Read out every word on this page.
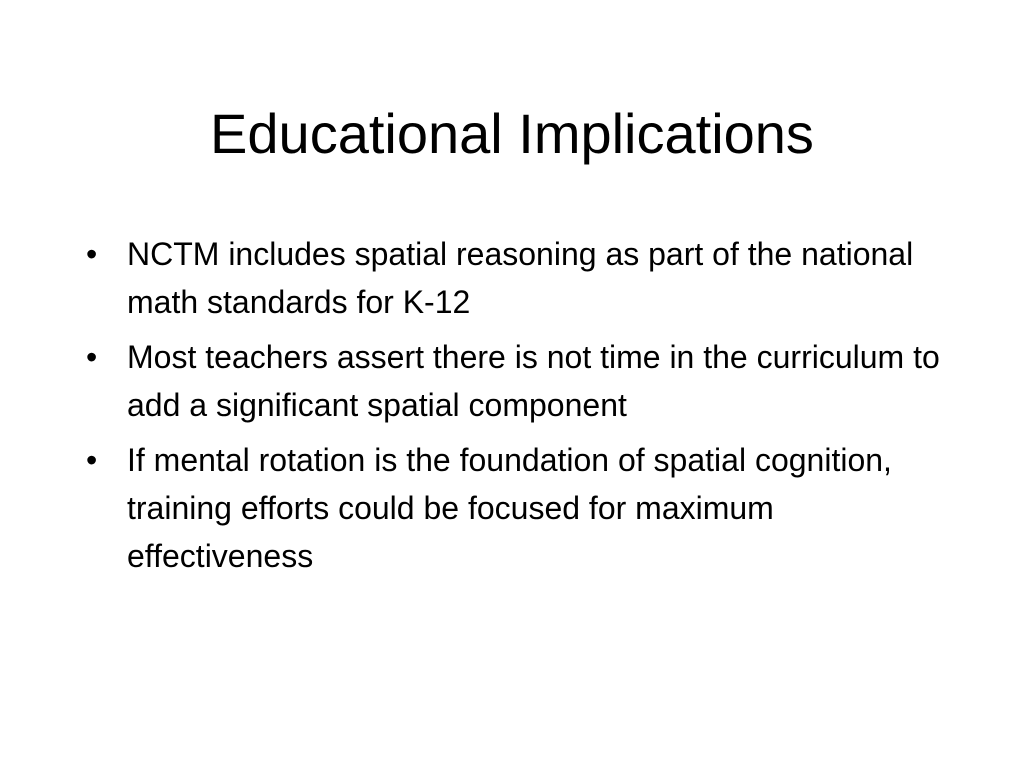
Educational Implications
• NCTM includes spatial reasoning as part of the national math standards for K-12
• Most teachers assert there is not time in the curriculum to add a significant spatial component
• If mental rotation is the foundation of spatial cognition, training efforts could be focused for maximum effectiveness
